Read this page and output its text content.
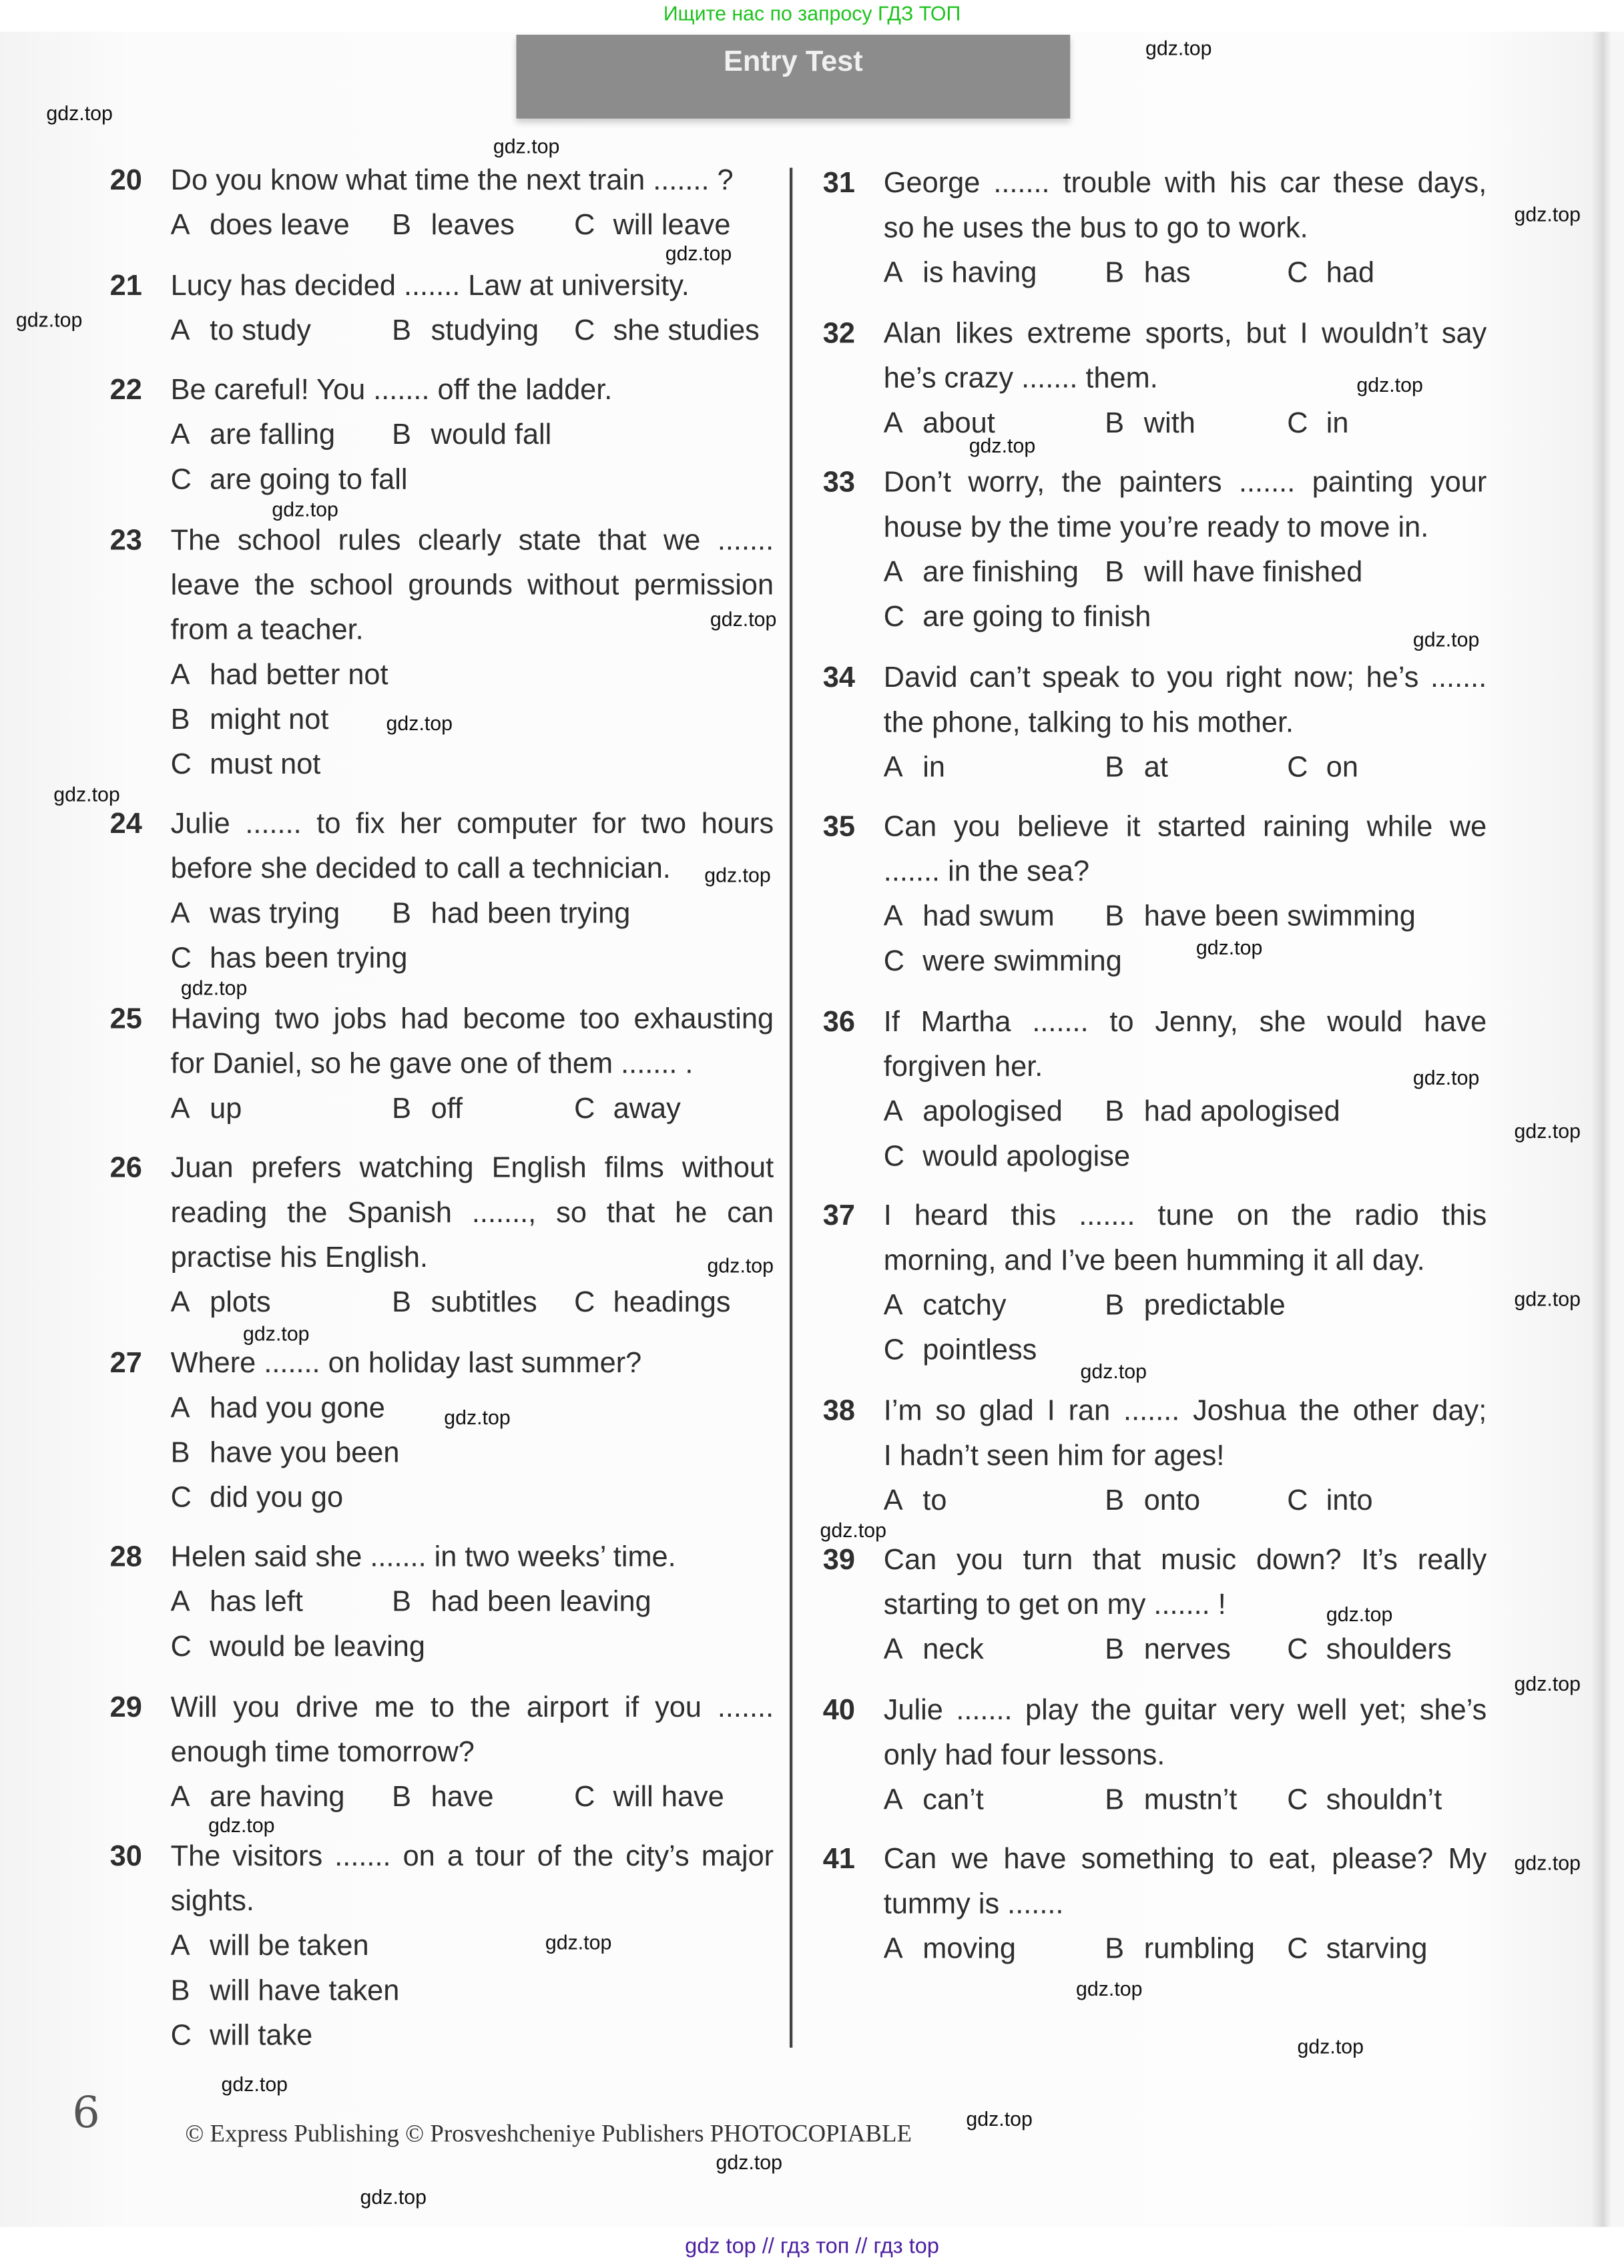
Ищите нас по запросу ГДЗ ТОП
Entry Test
20 Do you know what time the next train ....... ?
A does leave	B leaves	C will leave
21 Lucy has decided ....... Law at university.
A to study	B studying	C she studies
22 Be careful! You ....... off the ladder.
A are falling	B would fall
C are going to fall
23 The school rules clearly state that we .......
leave the school grounds without permission
from a teacher.
A had better not
B might not
C must not
24 Julie ....... to fix her computer for two hours
before she decided to call a technician.
A was trying	B had been trying
C has been trying
25 Having two jobs had become too exhausting
for Daniel, so he gave one of them ....... .
A up	B off	C away
26 Juan prefers watching English films without
reading the Spanish ......., so that he can
practise his English.
A plots	B subtitles	C headings
27 Where ....... on holiday last summer?
A had you gone
B have you been
C did you go
28 Helen said she ....... in two weeks’ time.
A has left	B had been leaving
C would be leaving
29 Will you drive me to the airport if you .......
enough time tomorrow?
A are having	B have	C will have
30 The visitors ....... on a tour of the city’s major
sights.
A will be taken
B will have taken
C will take
31 George ....... trouble with his car these days,
so he uses the bus to go to work.
A is having	B has	C had
32 Alan likes extreme sports, but I wouldn’t say
he’s crazy ....... them.
A about	B with	C in
33 Don’t worry, the painters ....... painting your
house by the time you’re ready to move in.
A are finishing B will have finished
C are going to finish
34 David can’t speak to you right now; he’s .......
the phone, talking to his mother.
A in	B at	C on
35 Can you believe it started raining while we
....... in the sea?
A had swum	B have been swimming
C were swimming
36 If Martha ....... to Jenny, she would have
forgiven her.
A apologised	B had apologised
C would apologise
37 I heard this ....... tune on the radio this
morning, and I’ve been humming it all day.
A catchy	B predictable
C pointless
38 I’m so glad I ran ....... Joshua the other day;
I hadn’t seen him for ages!
A to	B onto	C into
39 Can you turn that music down? It’s really
starting to get on my ....... !
A neck	B nerves	C shoulders
40 Julie ....... play the guitar very well yet; she’s
only had four lessons.
A can’t	B mustn’t	C shouldn’t
41 Can we have something to eat, please? My
tummy is .......
A moving	B rumbling C starving
6	© Express Publishing © Prosveshcheniye Publishers PHOTOCOPIABLE
gdz.top
gdz.top
gdz.top
gdz.top
gdz.top
gdz.top
gdz.top
gdz.top
gdz.top
gdz.top
gdz.top
gdz.top
gdz.top
gdz.top
gdz.top
gdz.top
gdz.top
gdz.top
gdz.top
gdz.top
gdz.top
gdz.top
gdz.top
gdz.top
gdz.top
gdz.top
gdz.top
gdz.top
gdz.top
gdz.top
gdz.top
gdz.top
gdz.top
gdz.top
gdz.top
gdz top // гдз топ // гдз top
